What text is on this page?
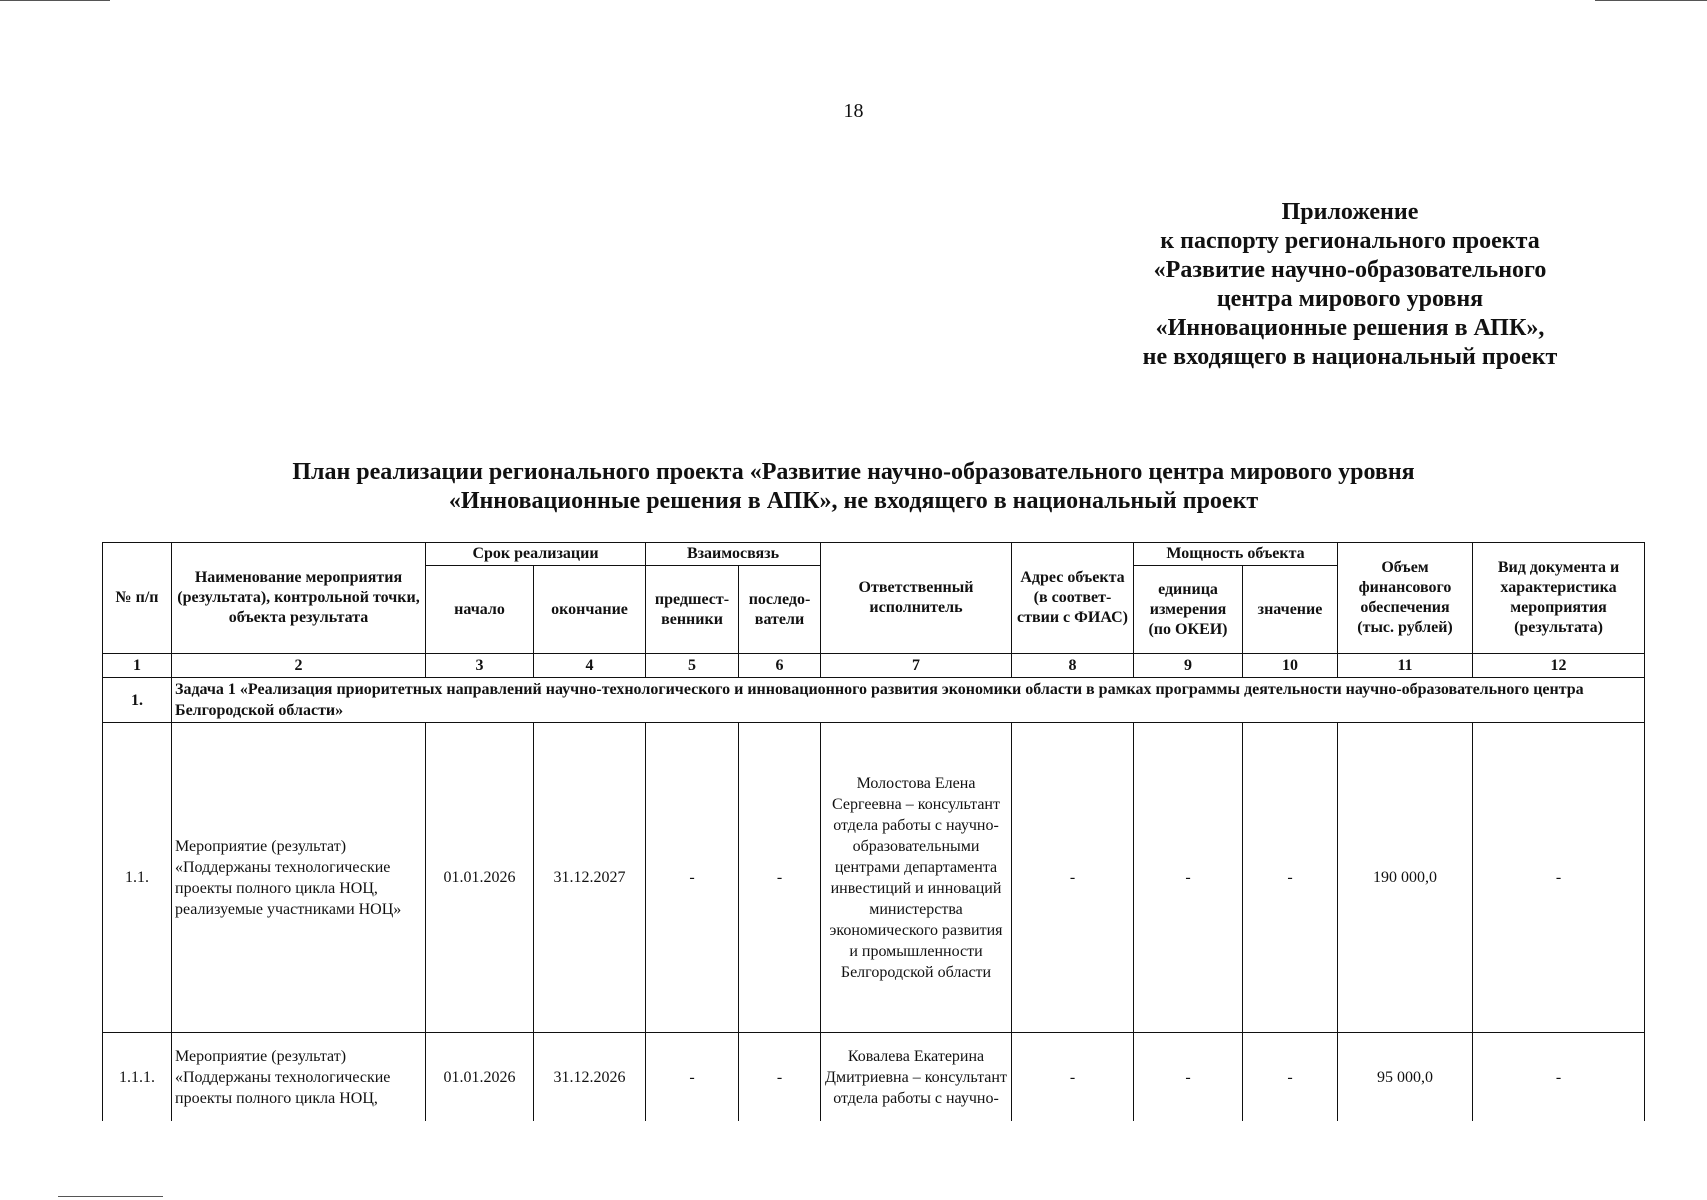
18
Приложение
к паспорту регионального проекта
«Развитие научно-образовательного
центра мирового уровня
«Инновационные решения в АПК»,
не входящего в национальный проект
План реализации регионального проекта «Развитие научно-образовательного центра мирового уровня
«Инновационные решения в АПК», не входящего в национальный проект
№ п/п	Наименование мероприятия (результата), контрольной точки, объекта результата	Срок реализации		Взаимосвязь		Ответственный исполнитель	Адрес объекта (в соответ-ствии с ФИАС)	Мощность объекта		Объем финансового обеспечения (тыс. рублей)	Вид документа и характеристика мероприятия (результата)
		начало	окончание	предшест-венники	последо-ватели			единица измерения (по ОКЕИ)	значение		
1	2	3	4	5	6	7	8	9	10	11	12
1.	Задача 1 «Реализация приоритетных направлений научно-технологического и инновационного развития экономики области в рамках программы деятельности научно-образовательного центра Белгородской области»										
1.1.	Мероприятие (результат) «Поддержаны технологические проекты полного цикла НОЦ, реализуемые участниками НОЦ»	01.01.2026	31.12.2027	-	-	Молостова Елена Сергеевна – консультант отдела работы с научно-образовательными центрами департамента инвестиций и инноваций министерства экономического развития и промышленности Белгородской области	-	-	-	190 000,0	-
1.1.1.	Мероприятие (результат) «Поддержаны технологические проекты полного цикла НОЦ,	01.01.2026	31.12.2026	-	-	Ковалева Екатерина Дмитриевна – консультант отдела работы с научно-	-	-	-	95 000,0	-
